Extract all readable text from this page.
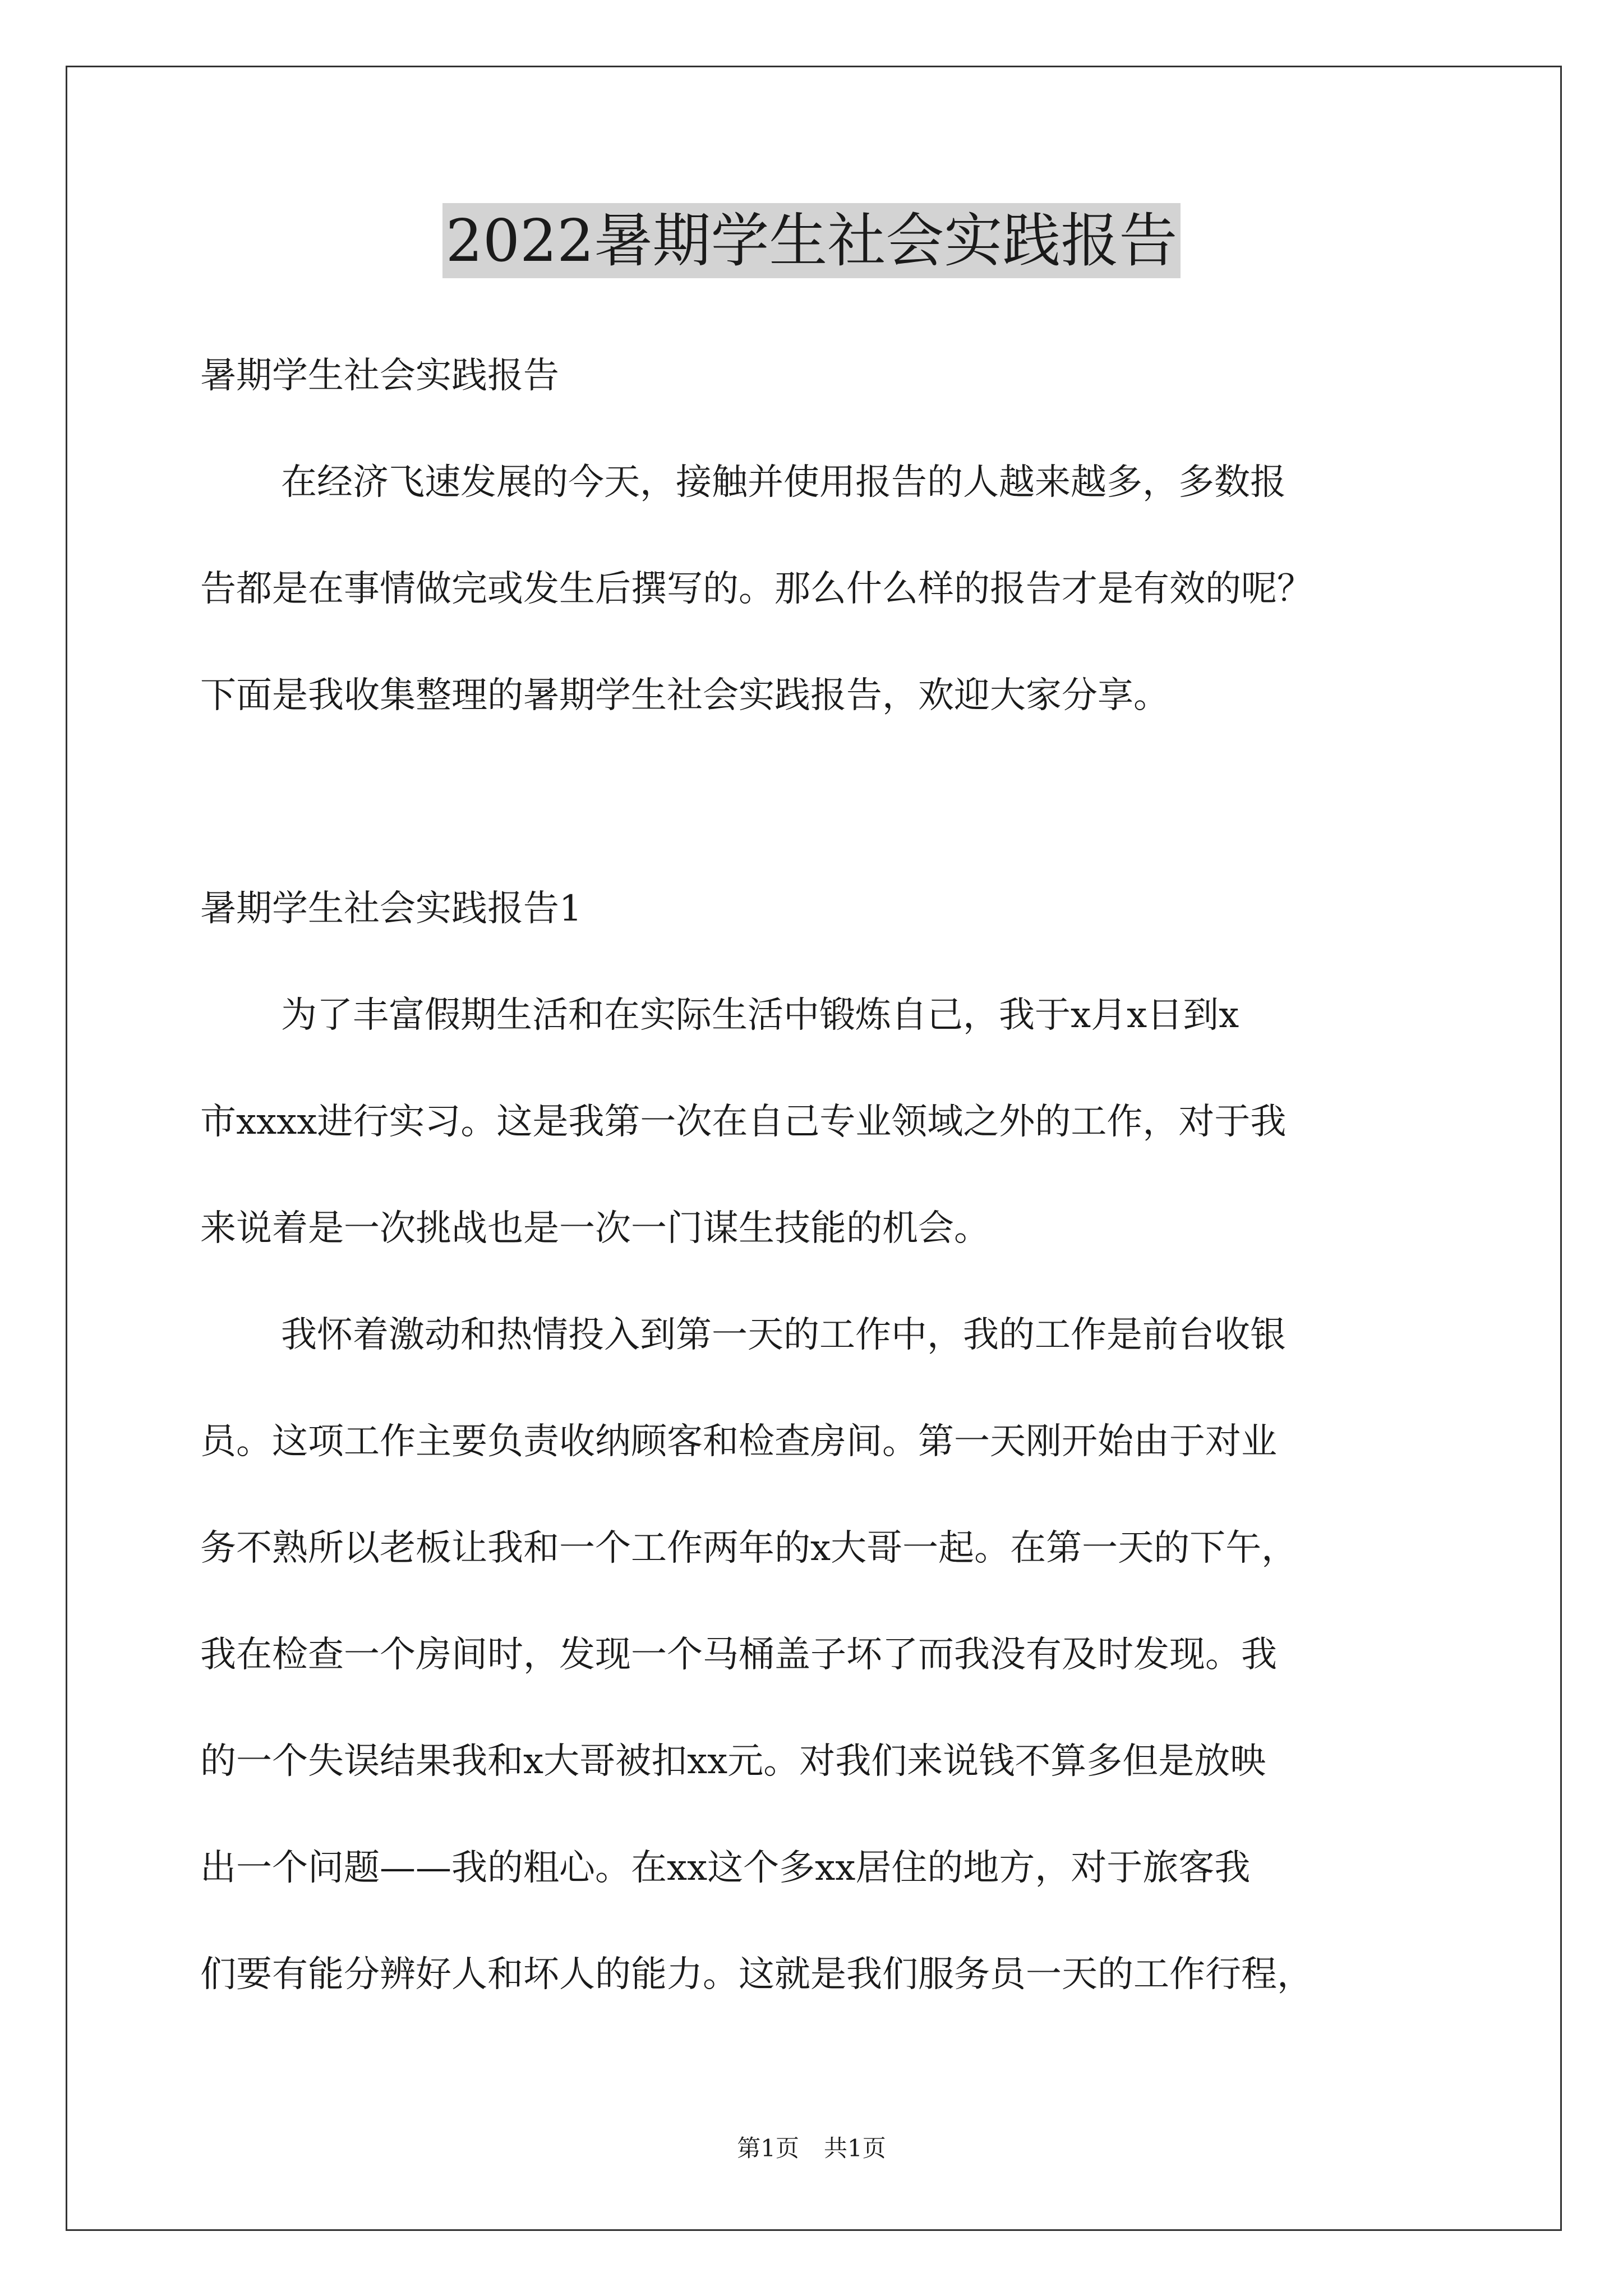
2022暑期学生社会实践报告
暑期学生社会实践报告
在经济飞速发展的今天，接触并使用报告的人越来越多，多数报
告都是在事情做完或发生后撰写的。那么什么样的报告才是有效的呢？
下面是我收集整理的暑期学生社会实践报告，欢迎大家分享。
暑期学生社会实践报告1
为了丰富假期生活和在实际生活中锻炼自己，我于x月x日到x
市xxxx进行实习。这是我第一次在自己专业领域之外的工作，对于我
来说着是一次挑战也是一次一门谋生技能的机会。
我怀着激动和热情投入到第一天的工作中，我的工作是前台收银
员。这项工作主要负责收纳顾客和检查房间。第一天刚开始由于对业
务不熟所以老板让我和一个工作两年的x大哥一起。在第一天的下午，
我在检查一个房间时，发现一个马桶盖子坏了而我没有及时发现。我
的一个失误结果我和x大哥被扣xx元。对我们来说钱不算多但是放映
出一个问题——我的粗心。在xx这个多xx居住的地方，对于旅客我
们要有能分辨好人和坏人的能力。这就是我们服务员一天的工作行程，
第1页 共1页
